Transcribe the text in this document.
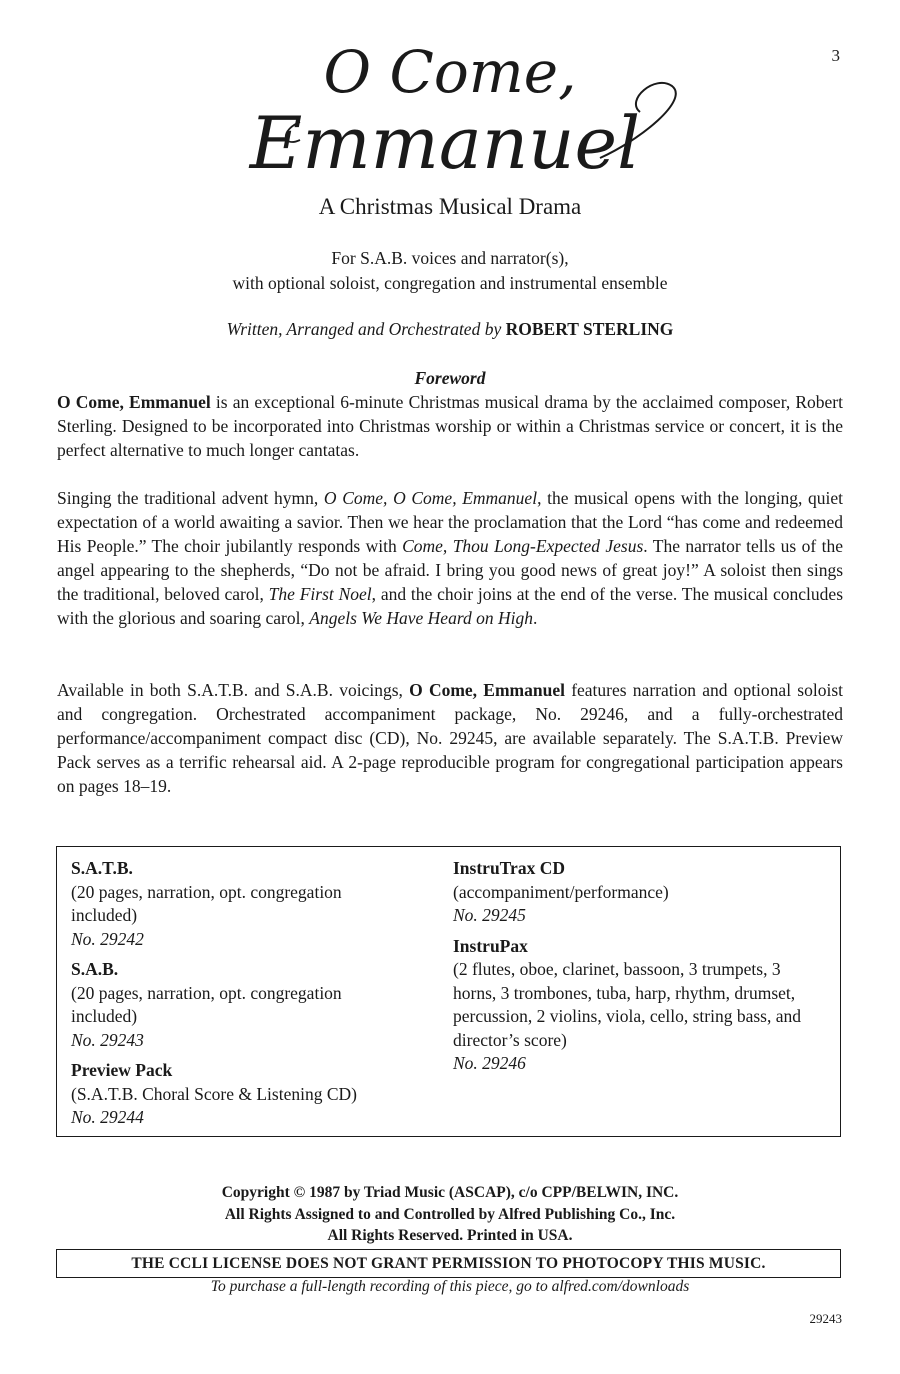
3
O Come,
Emmanuel
A Christmas Musical Drama
For S.A.B. voices and narrator(s),
with optional soloist, congregation and instrumental ensemble
Written, Arranged and Orchestrated by ROBERT STERLING
Foreword

O Come, Emmanuel is an exceptional 6-minute Christmas musical drama by the acclaimed composer, Robert Sterling. Designed to be incorporated into Christmas worship or within a Christmas service or concert, it is the perfect alternative to much longer cantatas.

Singing the traditional advent hymn, O Come, O Come, Emmanuel, the musical opens with the longing, quiet expectation of a world awaiting a savior. Then we hear the proclamation that the Lord “has come and redeemed His People.” The choir jubilantly responds with Come, Thou Long-Expected Jesus. The narrator tells us of the angel appearing to the shepherds, “Do not be afraid. I bring you good news of great joy!” A soloist then sings the traditional, beloved carol, The First Noel, and the choir joins at the end of the verse. The musical concludes with the glorious and soaring carol, Angels We Have Heard on High.

Available in both S.A.T.B. and S.A.B. voicings, O Come, Emmanuel features narration and optional soloist and congregation. Orchestrated accompaniment package, No. 29246, and a fully-orchestrated performance/accompaniment compact disc (CD), No. 29245, are available separately. The S.A.T.B. Preview Pack serves as a terrific rehearsal aid. A 2-page reproducible program for congregational participation appears on pages 18–19.

S.A.T.B.
(20 pages, narration, opt. congregation included)
No. 29242
S.A.B.
(20 pages, narration, opt. congregation included)
No. 29243
Preview Pack
(S.A.T.B. Choral Score & Listening CD)
No. 29244
InstruTrax CD
(accompaniment/performance)
No. 29245
InstruPax
(2 flutes, oboe, clarinet, bassoon, 3 trumpets, 3 horns, 3 trombones, tuba, harp, rhythm, drumset, percussion, 2 violins, viola, cello, string bass, and director’s score)
No. 29246
Copyright © 1987 by Triad Music (ASCAP), c/o CPP/BELWIN, INC.
All Rights Assigned to and Controlled by Alfred Publishing Co., Inc.
All Rights Reserved. Printed in USA.
THE CCLI LICENSE DOES NOT GRANT PERMISSION TO PHOTOCOPY THIS MUSIC.
To purchase a full-length recording of this piece, go to alfred.com/downloads
29243
